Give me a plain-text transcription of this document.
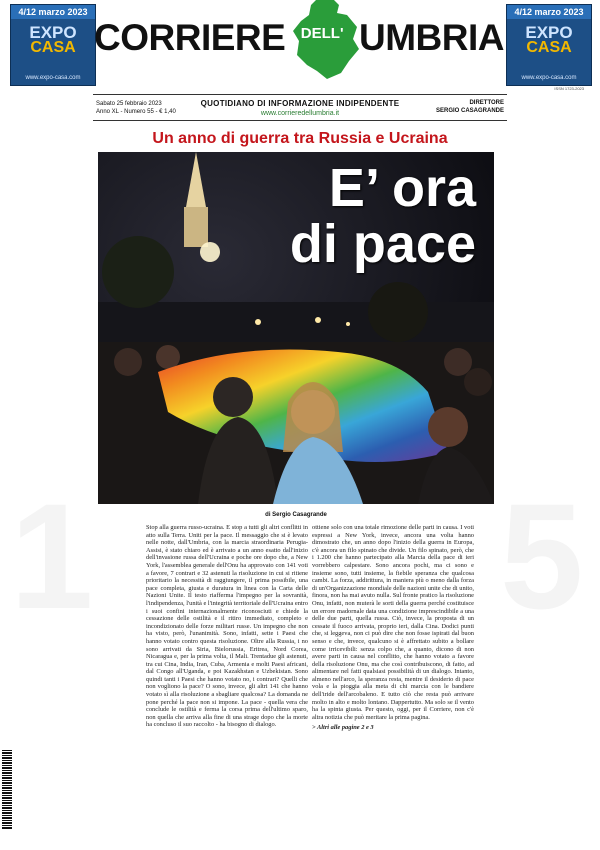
1	5
4/12 marzo 2023
EXPO
CASA
www.expo-casa.com
4/12 marzo 2023
EXPO
CASA
www.expo-casa.com
CORRIERE	DELL' UMBRIA
ISSN 1723-2023
Sabato 25 febbraio 2023
Anno XL - Numero 55 - € 1,40
QUOTIDIANO DI INFORMAZIONE INDIPENDENTE
www.corrieredellumbria.it
DIRETTORE
SERGIO CASAGRANDE
Un anno di guerra tra Russia e Ucraina
E’ ora
di pace
di Sergio Casagrande
Stop alla guerra russo-ucraina. E stop a tutti gli altri conflitti in atto sulla Terra. Uniti per la pace. Il messaggio che si è levato nelle notte, dall'Umbria, con la marcia straordinaria Perugia-Assisi, è stato chiaro ed è arrivato a un anno esatto dall'inizio dell'invasione russa dell'Ucraina e poche ore dopo che, a New York, l'assemblea generale dell'Onu ha approvato con 141 voti a favore, 7 contrari e 32 astenuti la risoluzione in cui si ritiene prioritario la necessità di raggiungere, il prima possibile, una pace completa, giusta e duratura in linea con la Carta delle Nazioni Unite. Il testo riafferma l'impegno per la sovranità, l'indipendenza, l'unità e l'integrità territoriale dell'Ucraina entro i suoi confini internazionalmente riconosciuti e chiede la cessazione delle ostilità e il ritiro immediato, completo e incondizionato delle forze militari russe. Un impegno che non ha visto, però, l'unanimità. Sono, infatti, sette i Paesi che hanno votato contro questa risoluzione. Oltre alla Russia, i no sono arrivati da Siria, Bielorussia, Eritrea, Nord Corea, Nicaragua e, per la prima volta, il Mali. Trentadue gli astenuti, tra cui Cina, India, Iran, Cuba, Armenia e molti Paesi africani, dal Congo all'Uganda, e poi Kazakhstan e Uzbekistan. Sono quindi tanti i Paesi che hanno votato no, i contrari? Quelli che non vogliono la pace? O sono, invece, gli altri 141 che hanno votato sì alla risoluzione a sbagliare qualcosa? La domanda ne pone perché la pace non si impone. La pace - quella vera che conclude le ostilità e ferma la corsa prima dell'ultimo sparo, non quella che arriva alla fine di una strage dopo che la morte ha concluso il suo raccolto - ha bisogno di dialogo.
ottiene solo con una totale rimozione delle parti in causa. I voti espressi a New York, invece, ancora una volta hanno dimostrato che, un anno dopo l'inizio della guerra in Europa, c'è ancora un filo spinato che divide. Un filo spinato, però, che i 1.200 che hanno partecipato alla Marcia della pace di ieri vorrebbero calpestare. Sono ancora pochi, ma ci sono e insieme sono, tutti insieme, la fiebile speranza che qualcosa cambi. La forza, addirittura, in maniera più o meno dalla forza di un'Organizzazione mondiale delle nazioni unite che di unito, finora, non ha mai avuto nulla. Sul fronte pratico la risoluzione Onu, infatti, non muterà le sorti della guerra perché costituisce un errore madornale data una condizione imprescindibile a una delle due parti, quella russa. Ciò, invece, la proposta di un cessate il fuoco arrivata, proprio ieri, dalla Cina. Dodici punti che, si leggeva, non ci può dire che non fosse ispirati dal buon senso e che, invece, qualcuno si è affrettato subito a bollare come irricevibili: senza colpo che, a quanto, dicono di non avere parti in causa nel conflitto, che hanno votato a favore della risoluzione Onu, ma che così contribuiscono, di fatto, ad alimentare nel fatti qualsiasi possibilità di un dialogo. Intanto, almeno nell'arco, la speranza resta, mentre il desiderio di pace vola e la pioggia alla meta di chi marcia con le bandiere dell'iride dell'arcobaleno. E tutto ciò che resta può arrivare molto in alto e molto lontano. Dappertutto. Ma solo se il vento ha la spinta giusta. Per questo, oggi, per il Corriere, non c'è altra notizia che può meritare la prima pagina.
> Altri alle pagine 2 e 3
